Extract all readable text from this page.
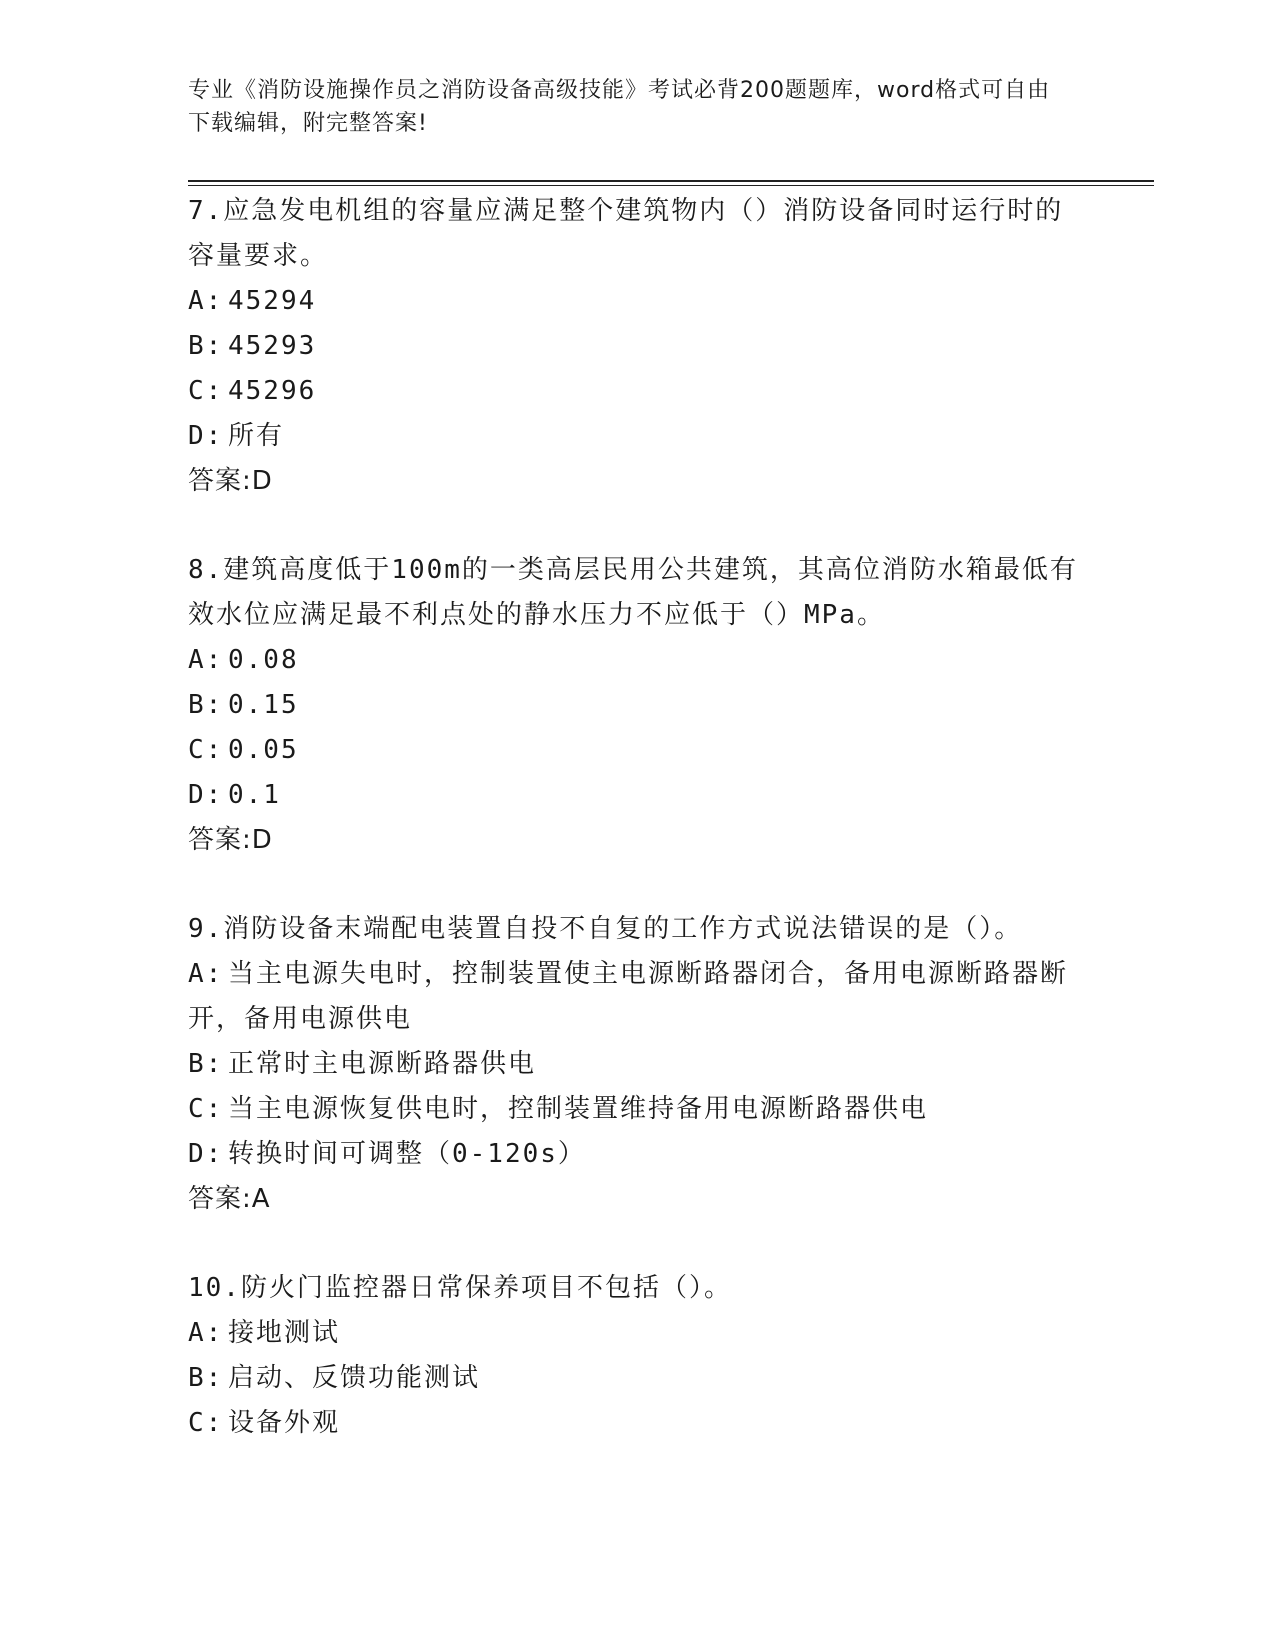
专业《消防设施操作员之消防设备高级技能》考试必背200题题库，word格式可自由下载编辑，附完整答案!
7.应急发电机组的容量应满足整个建筑物内（）消防设备同时运行时的容量要求。
A: 45294
B: 45293
C: 45296
D: 所有
答案:D
8.建筑高度低于100m的一类高层民用公共建筑，其高位消防水箱最低有效水位应满足最不利点处的静水压力不应低于（）MPa。
A: 0.08
B: 0.15
C: 0.05
D: 0.1
答案:D
9.消防设备末端配电装置自投不自复的工作方式说法错误的是（）。
A: 当主电源失电时，控制装置使主电源断路器闭合，备用电源断路器断开，备用电源供电
B: 正常时主电源断路器供电
C: 当主电源恢复供电时，控制装置维持备用电源断路器供电
D: 转换时间可调整（0-120s）
答案:A
10.防火门监控器日常保养项目不包括（）。
A: 接地测试
B: 启动、反馈功能测试
C: 设备外观
